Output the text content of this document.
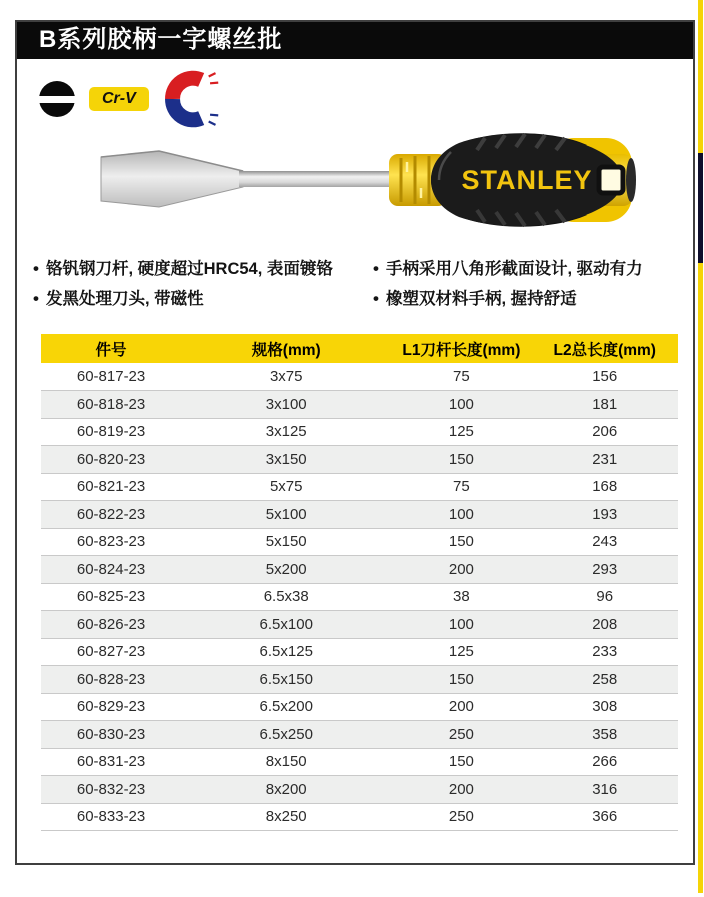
B系列胶柄一字螺丝批
Cr-V
STANLEY
• 铬钒钢刀杆, 硬度超过HRC54, 表面镀铬
• 发黑处理刀头, 带磁性
• 手柄采用八角形截面设计, 驱动有力
• 橡塑双材料手柄, 握持舒适
件号	规格(mm)	L1刀杆长度(mm)	L2总长度(mm)
60-817-23	3x75	75	156
60-818-23	3x100	100	181
60-819-23	3x125	125	206
60-820-23	3x150	150	231
60-821-23	5x75	75	168
60-822-23	5x100	100	193
60-823-23	5x150	150	243
60-824-23	5x200	200	293
60-825-23	6.5x38	38	96
60-826-23	6.5x100	100	208
60-827-23	6.5x125	125	233
60-828-23	6.5x150	150	258
60-829-23	6.5x200	200	308
60-830-23	6.5x250	250	358
60-831-23	8x150	150	266
60-832-23	8x200	200	316
60-833-23	8x250	250	366
